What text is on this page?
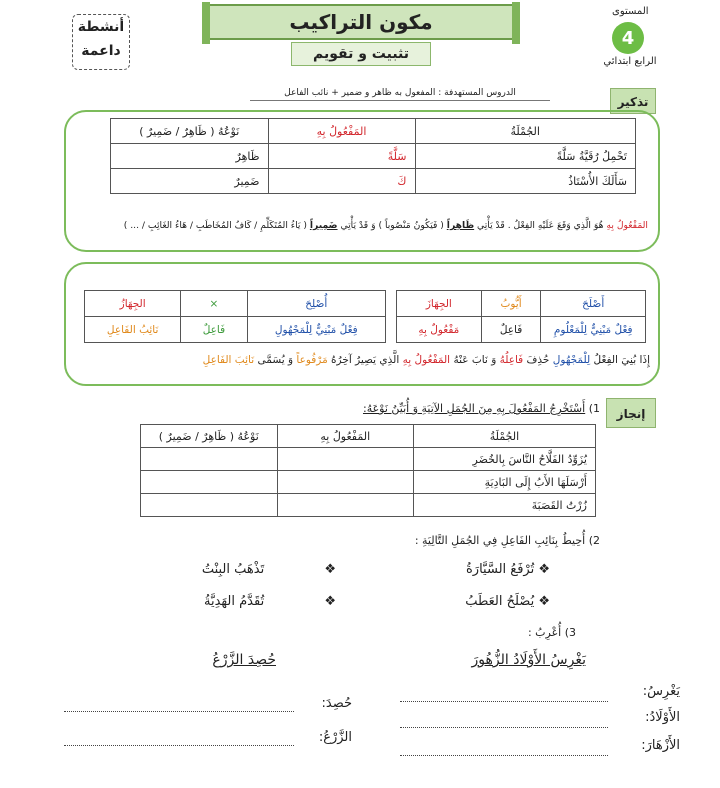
المستوى
4
الرابع ابتدائي
مكون التراكيب
تثبيت و تقويم
أنشطة
داعمة
الدروس المستهدفة : المفعول به ظاهر و ضمير + نائب الفاعل
تذكير
الجُمْلَةُ	المَفْعُولُ بِهِ	نَوْعُهُ ( ظَاهِرٌ / ضَمِيرٌ )
تَحْمِلُ رُقَيَّةُ سَلَّةً	سَلَّةً	ظَاهِرٌ
سَأَلَكَ الأُسْتَاذُ	كَ	ضَمِيرٌ
المَفْعُولُ بِهِ هُوَ الَّذِي وَقَعَ عَلَيْهِ الفِعْلُ . قَدْ يَأْتِي ظَاهِراً ( فَيَكُونُ مَنْصُوباً ) وَ قَدْ يَأْتِي ضَمِيراً ( يَاءُ المُتَكَلِّمِ / كَافُ المُخَاطَبِ / هَاءُ الغَائِبِ / ... )
أَصْلَحَ	أَيُّوبُ	الجِهَازَ
فِعْلٌ مَبْنِيٌّ لِلْمَعْلُومِ	فَاعِلٌ	مَفْعُولٌ بِهِ
أُصْلِحَ	×	الجِهَازُ
فِعْلٌ مَبْنِيٌّ لِلْمَجْهُولِ	فَاعِلٌ	نَائِبُ الفَاعِلِ
إِذَا بُنِيَ الفِعْلُ لِلْمَجْهُولِ حُذِفَ فَاعِلُهُ وَ نَابَ عَنْهُ المَفْعُولُ بِهِ الَّذِي يَصِيرُ آخِرُهُ مَرْفُوعاً وَ يُسَمَّى نَائِبَ الفَاعِلِ
إنجاز
1) أَسْتَخْرِجُ المَفْعُولَ بِهِ مِنَ الجُمَلِ الآتِيَةِ وَ أُبَيِّنُ نَوْعَهُ:
الجُمْلَةُ	المَفْعُولُ بِهِ	نَوْعُهُ ( ظَاهِرٌ / ضَمِيرٌ )
يُزَوِّدُ الفَلَّاحُ النَّاسَ بِالخُضَرِ		
أَرْسَلَهَا الأَبُ إِلَى البَادِيَةِ		
زُرْتُ القَصَبَةَ		
2) أُحِيطُ بِنَائِبِ الفَاعِلِ فِي الجُمَلِ التَّالِيَةِ :
❖ تُرْفَعُ السَّيَّارَةُ
❖ تَذْهَبُ البِنْتُ
❖ يُصْلَحُ العَطَبُ
❖ تُقَدَّمُ الهَدِيَّةُ
3) أُعْرِبُ :
يَغْرِسُ الأَوْلَادُ الزُّهُورَ
حُصِدَ الزَّرْعُ
يَغْرِسُ:
الأَوْلَادُ:
الأَزْهَارَ:
حُصِدَ:
الزَّرْعُ:
